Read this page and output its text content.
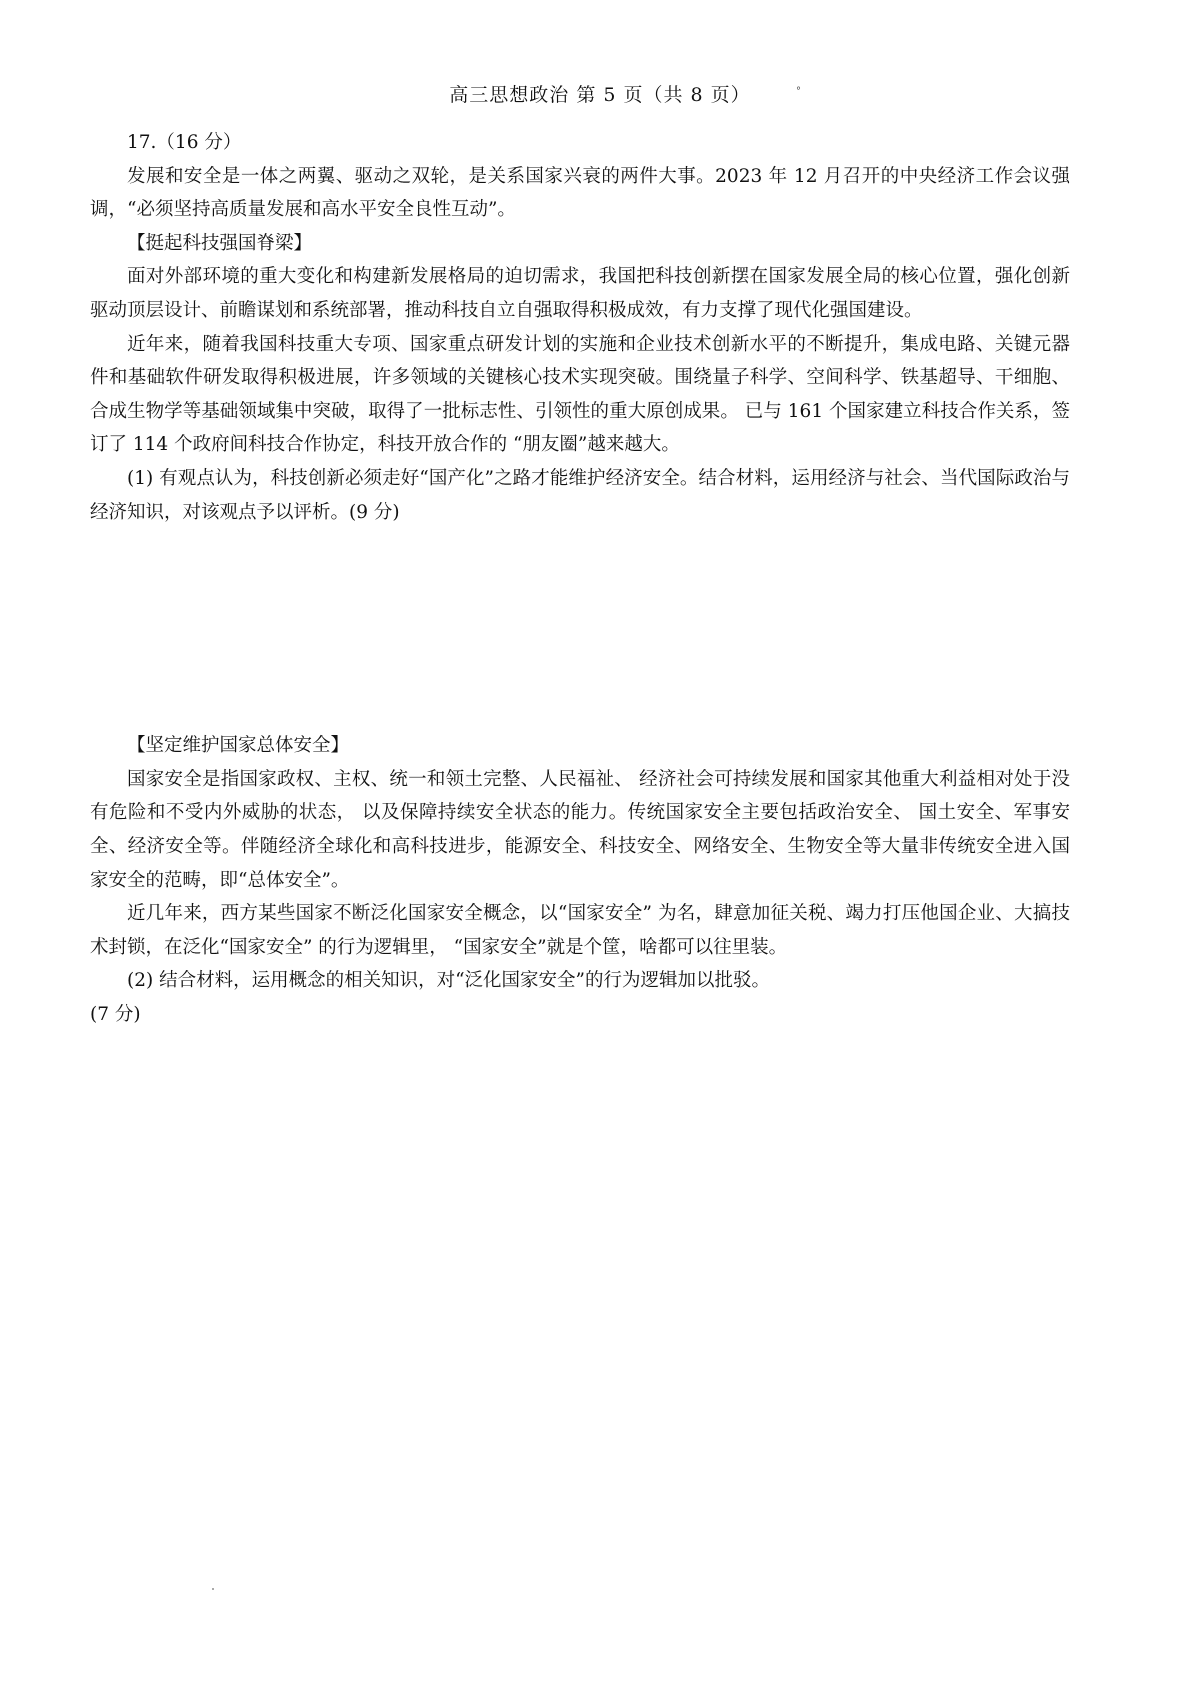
高三思想政治 第 5 页（共 8 页）	°

17.（16 分）

发展和安全是一体之两翼、驱动之双轮，是关系国家兴衰的两件大事。2023 年 12 月召开的中央经济工作会议强调，“必须坚持高质量发展和高水平安全良性互动”。

【挺起科技强国脊梁】

面对外部环境的重大变化和构建新发展格局的迫切需求，我国把科技创新摆在国家发展全局的核心位置，强化创新驱动顶层设计、前瞻谋划和系统部署，推动科技自立自强取得积极成效，有力支撑了现代化强国建设。

近年来，随着我国科技重大专项、国家重点研发计划的实施和企业技术创新水平的不断提升，集成电路、关键元器件和基础软件研发取得积极进展，许多领域的关键核心技术实现突破。围绕量子科学、空间科学、铁基超导、干细胞、合成生物学等基础领域集中突破，取得了一批标志性、引领性的重大原创成果。 已与 161 个国家建立科技合作关系，签订了 114 个政府间科技合作协定，科技开放合作的 “朋友圈”越来越大。

(1) 有观点认为，科技创新必须走好“国产化”之路才能维护经济安全。结合材料，运用经济与社会、当代国际政治与经济知识，对该观点予以评析。(9 分)

【坚定维护国家总体安全】

国家安全是指国家政权、主权、统一和领土完整、人民福祉、 经济社会可持续发展和国家其他重大利益相对处于没有危险和不受内外威胁的状态， 以及保障持续安全状态的能力。传统国家安全主要包括政治安全、 国土安全、军事安全、经济安全等。伴随经济全球化和高科技进步，能源安全、科技安全、网络安全、生物安全等大量非传统安全进入国家安全的范畴，即“总体安全”。

近几年来，西方某些国家不断泛化国家安全概念，以“国家安全” 为名，肆意加征关税、竭力打压他国企业、大搞技术封锁，在泛化“国家安全” 的行为逻辑里， “国家安全”就是个筐，啥都可以往里装。

(2) 结合材料，运用概念的相关知识，对“泛化国家安全”的行为逻辑加以批驳。

(7 分)
